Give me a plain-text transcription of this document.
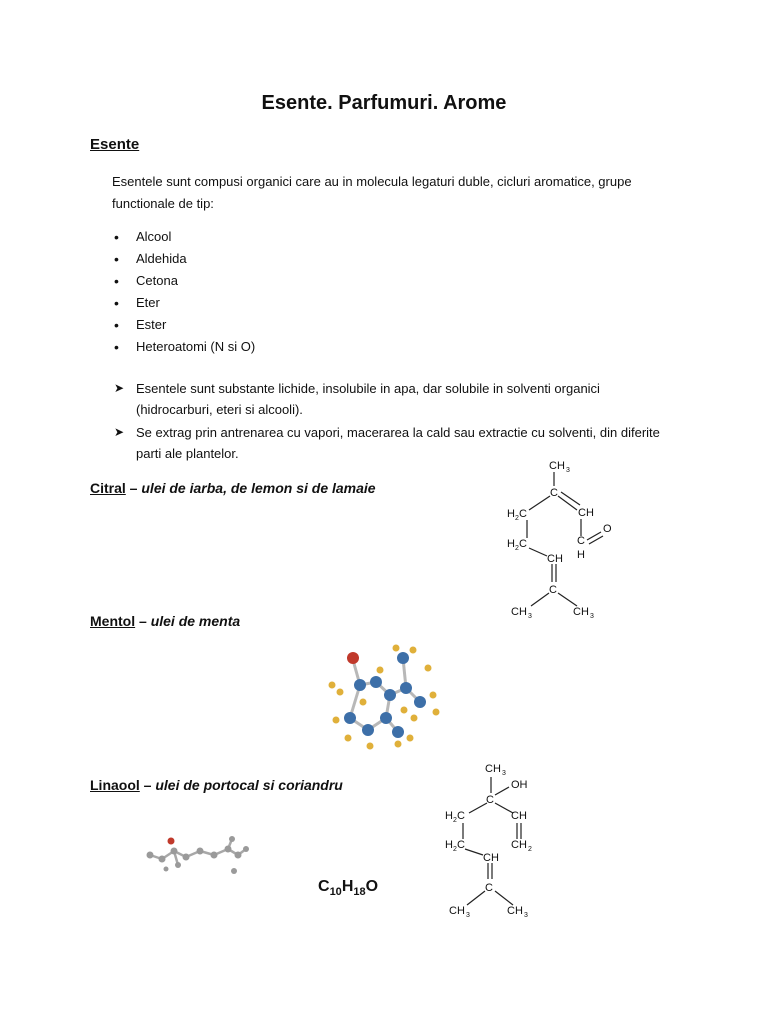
Esente. Parfumuri. Arome
Esente
Esentele sunt compusi organici care au in molecula legaturi duble, cicluri aromatice, grupe functionale de tip:
• Alcool
• Aldehida
• Cetona
• Eter
• Ester
• Heteroatomi (N si O)
➤ Esentele sunt substante lichide, insolubile in apa, dar solubile in solventi organici (hidrocarburi, eteri si alcooli).
➤ Se extrag prin antrenarea cu vapori, macerarea la cald sau extractie cu solventi, din diferite parti ale plantelor.
Citral – ulei de iarba, de lemon si de lamaie
CH 3
C
CH
H 2 C
C
O
H
H 2 C
CH
C
CH 3	CH 3
Mentol – ulei de menta
Linaool – ulei de portocal si coriandru
$C_{10}H_{18}O$
CH 3
OH
C
H 2 C	CH
H 2 C	CH 2
CH
C
CH 3	CH 3
